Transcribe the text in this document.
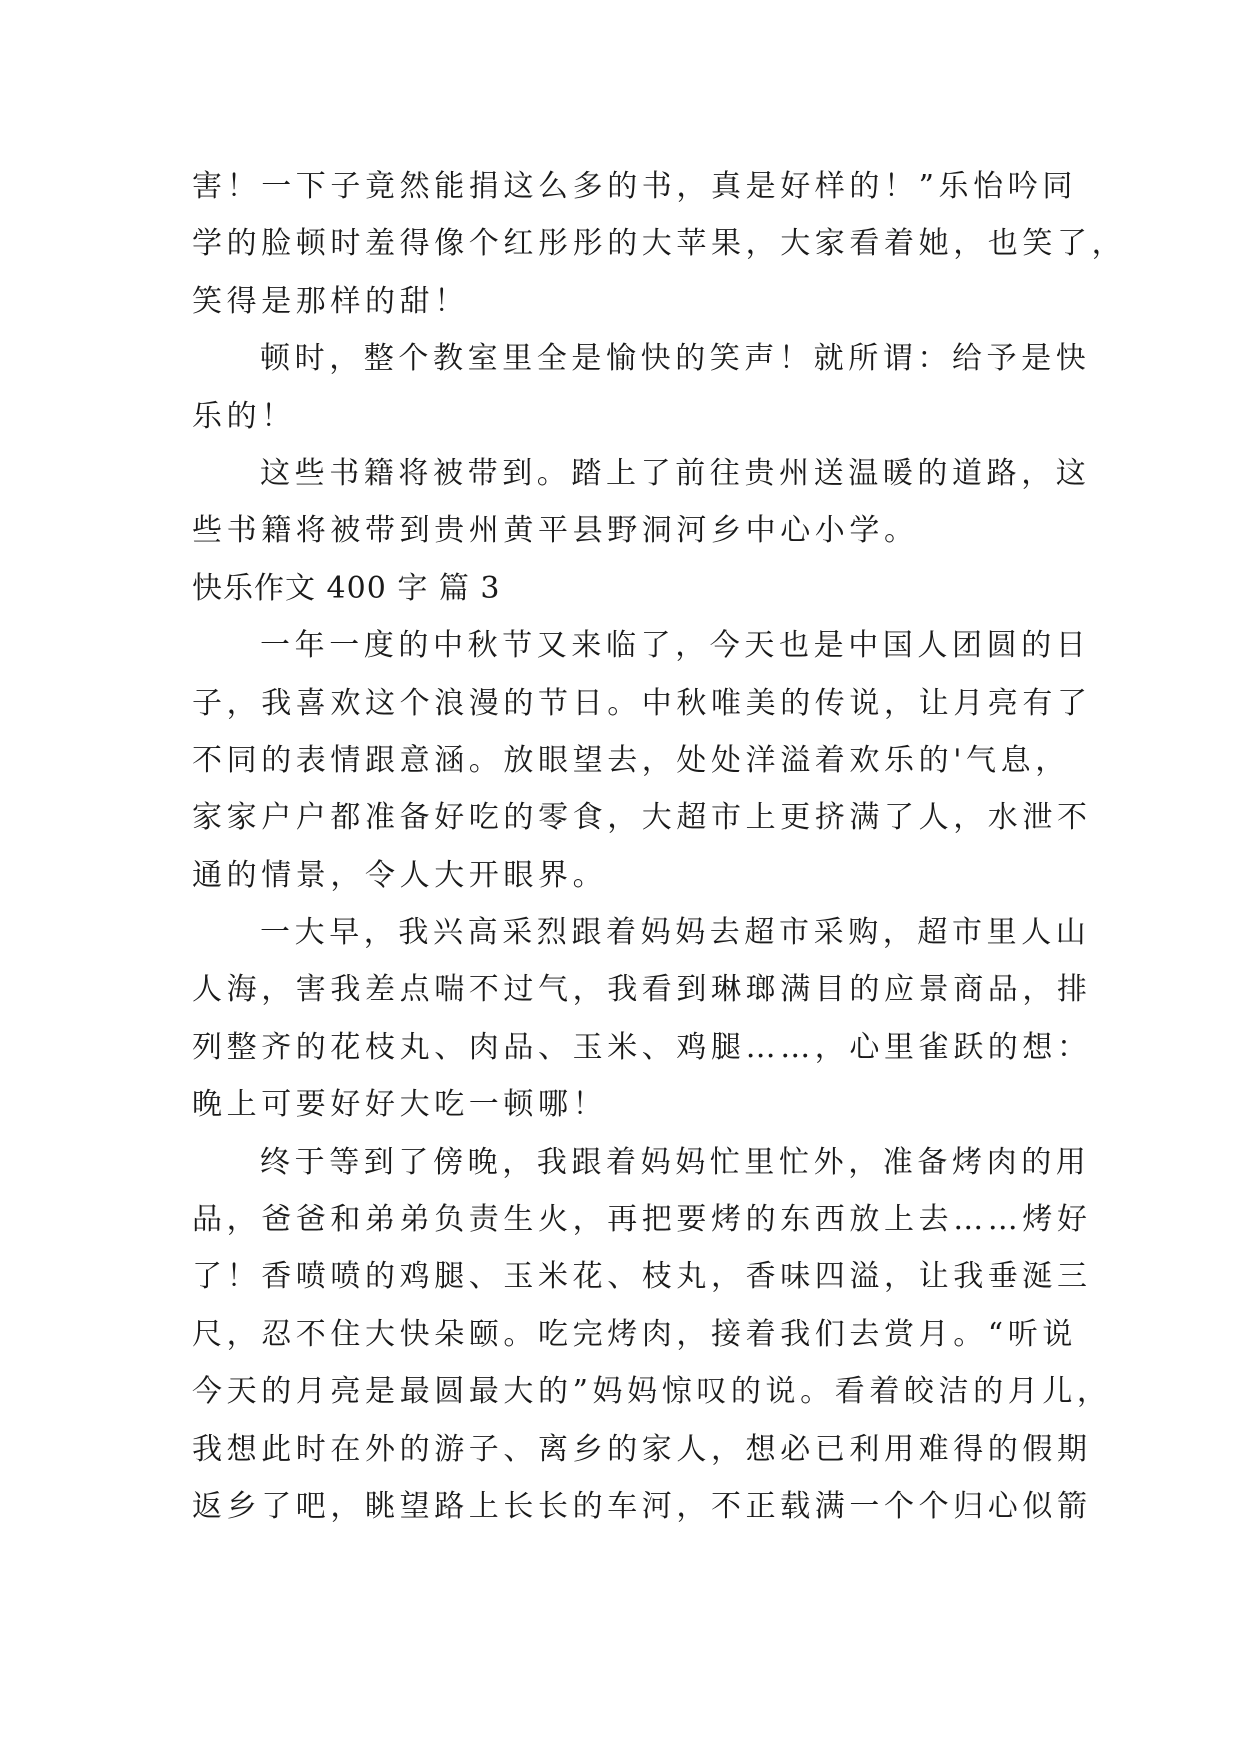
害！一下子竟然能捐这么多的书，真是好样的！”乐怡吟同
学的脸顿时羞得像个红彤彤的大苹果，大家看着她，也笑了，
笑得是那样的甜！
顿时，整个教室里全是愉快的笑声！就所谓：给予是快
乐的！
这些书籍将被带到。踏上了前往贵州送温暖的道路，这
些书籍将被带到贵州黄平县野洞河乡中心小学。
快乐作文 400 字 篇 3
一年一度的中秋节又来临了，今天也是中国人团圆的日
子，我喜欢这个浪漫的节日。中秋唯美的传说，让月亮有了
不同的表情跟意涵。放眼望去，处处洋溢着欢乐的'气息，
家家户户都准备好吃的零食，大超市上更挤满了人，水泄不
通的情景，令人大开眼界。
一大早，我兴高采烈跟着妈妈去超市采购，超市里人山
人海，害我差点喘不过气，我看到琳瑯满目的应景商品，排
列整齐的花枝丸、肉品、玉米、鸡腿……，心里雀跃的想：
晚上可要好好大吃一顿哪！
终于等到了傍晚，我跟着妈妈忙里忙外，准备烤肉的用
品，爸爸和弟弟负责生火，再把要烤的东西放上去……烤好
了！香喷喷的鸡腿、玉米花、枝丸，香味四溢，让我垂涎三
尺，忍不住大快朵颐。吃完烤肉，接着我们去赏月。“听说
今天的月亮是最圆最大的”妈妈惊叹的说。看着皎洁的月儿，
我想此时在外的游子、离乡的家人，想必已利用难得的假期
返乡了吧，眺望路上长长的车河，不正载满一个个归心似箭
